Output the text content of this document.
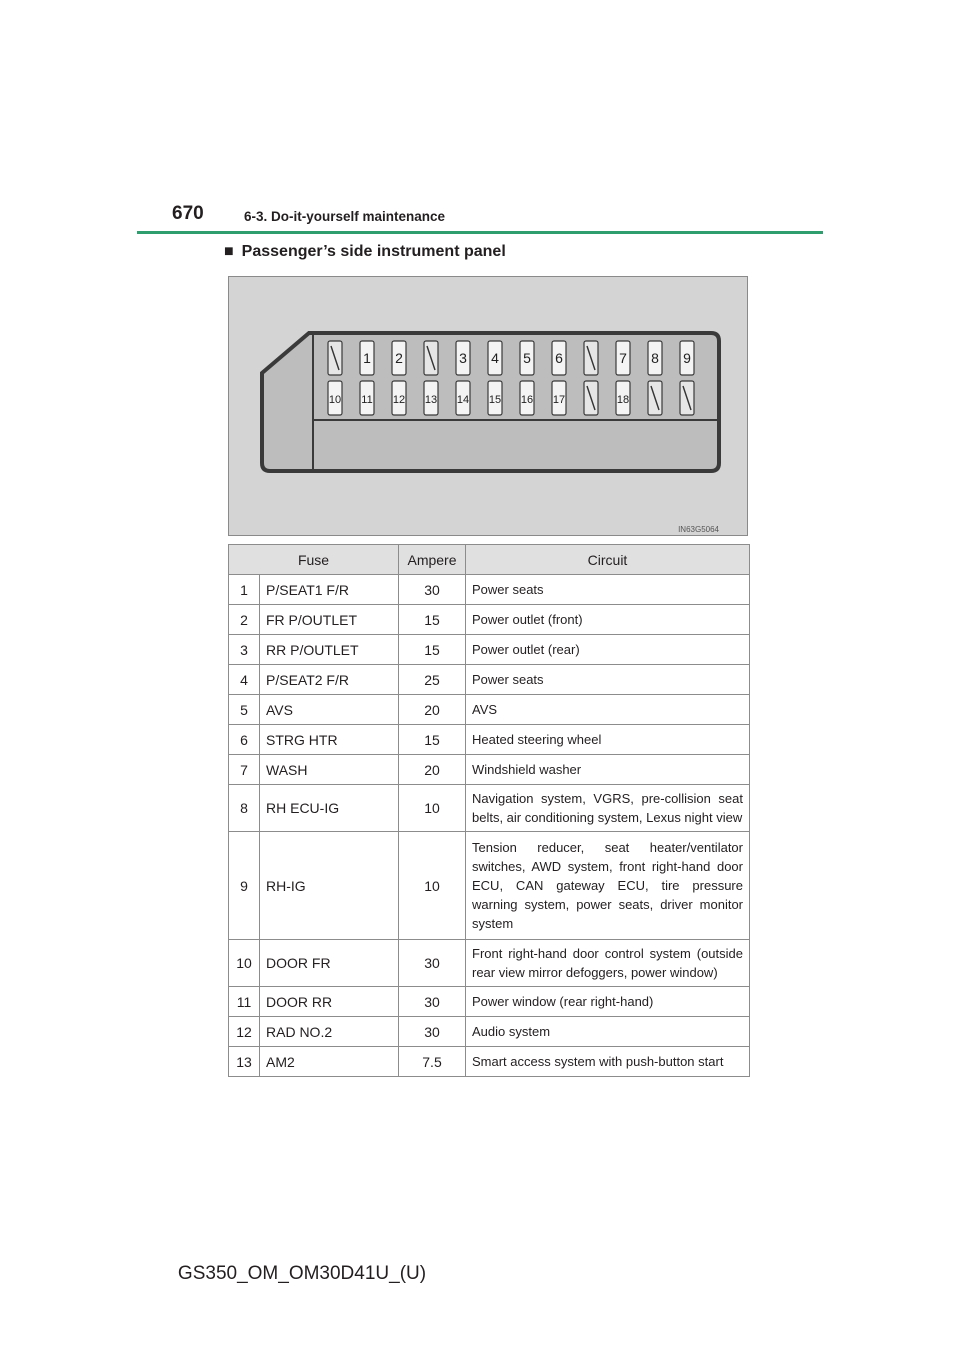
670	6-3. Do-it-yourself maintenance
■ Passenger’s side instrument panel
1 2	3 4 5 6	7 8 9
10 11 12 13 14 15 16 17	18
IN63G5064
Fuse		Ampere	Circuit
1	P/SEAT1 F/R	30	Power seats
2	FR P/OUTLET	15	Power outlet (front)
3	RR P/OUTLET	15	Power outlet (rear)
4	P/SEAT2 F/R	25	Power seats
5	AVS	20	AVS
6	STRG HTR	15	Heated steering wheel
7	WASH	20	Windshield washer
8	RH ECU-IG	10	Navigation system, VGRS, pre-collision seat belts, air conditioning system, Lexus night view
9	RH-IG	10	Tension reducer, seat heater/ventilator switches, AWD system, front right-hand door ECU, CAN gateway ECU, tire pressure warning system, power seats, driver monitor system
10	DOOR FR	30	Front right-hand door control system (outside rear view mirror defoggers, power window)
11	DOOR RR	30	Power window (rear right-hand)
12	RAD NO.2	30	Audio system
13	AM2	7.5	Smart access system with push-button start
GS350_OM_OM30D41U_(U)
